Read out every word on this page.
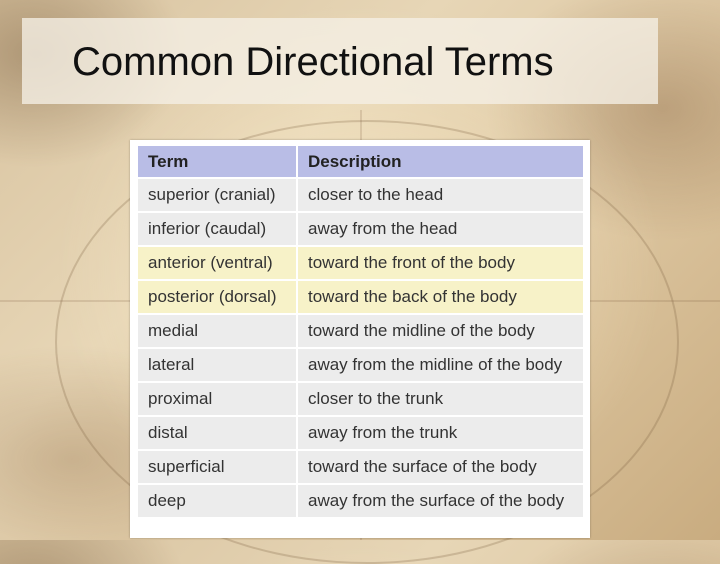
Common Directional Terms
Term	Description
superior (cranial)	closer to the head
inferior (caudal)	away from the head
anterior (ventral)	toward the front of the body
posterior (dorsal)	toward the back of the body
medial	toward the midline of the body
lateral	away from the midline of the body
proximal	closer to the trunk
distal	away from the trunk
superficial	toward the surface of the body
deep	away from the surface of the body
